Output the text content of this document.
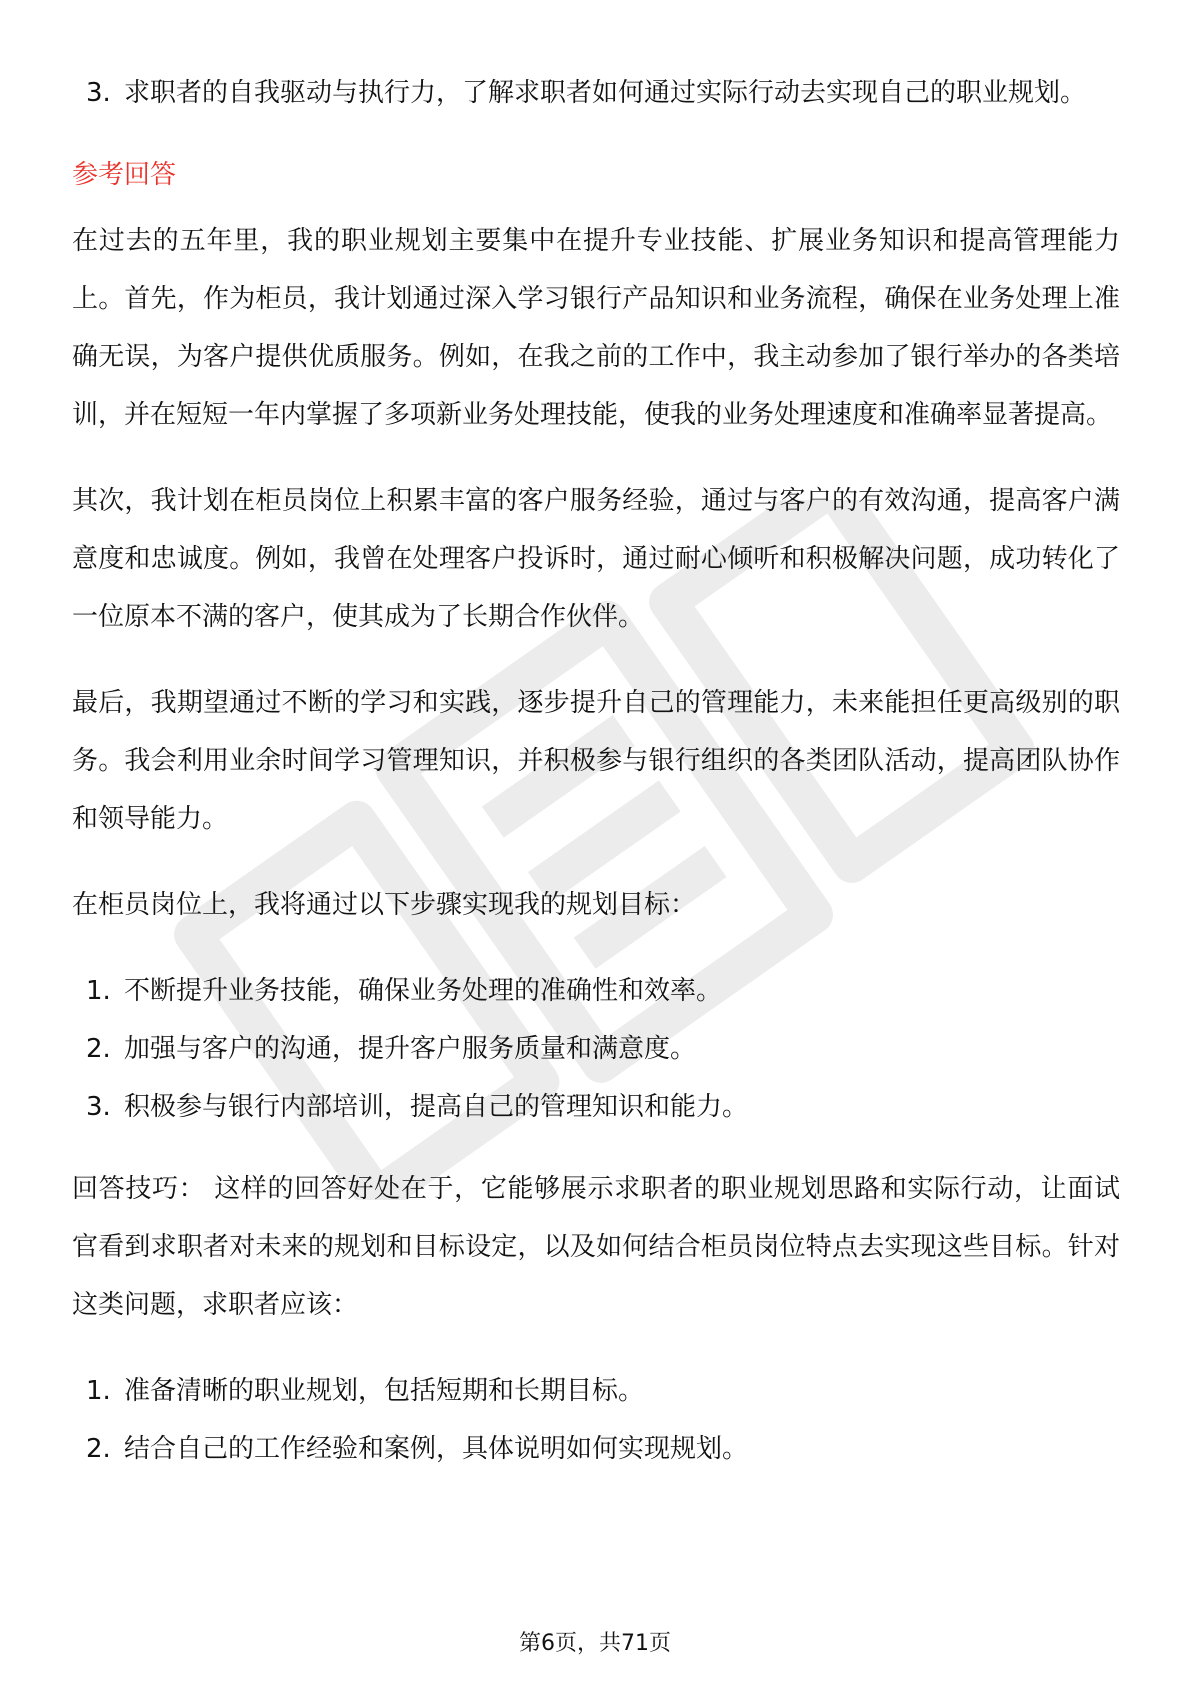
3. 求职者的自我驱动与执行力，了解求职者如何通过实际行动去实现自己的职业规划。
参考回答

在过去的五年里，我的职业规划主要集中在提升专业技能、扩展业务知识和提高管理能力上。首先，作为柜员，我计划通过深入学习银行产品知识和业务流程，确保在业务处理上准确无误，为客户提供优质服务。例如，在我之前的工作中，我主动参加了银行举办的各类培训，并在短短一年内掌握了多项新业务处理技能，使我的业务处理速度和准确率显著提高。

其次，我计划在柜员岗位上积累丰富的客户服务经验，通过与客户的有效沟通，提高客户满意度和忠诚度。例如，我曾在处理客户投诉时，通过耐心倾听和积极解决问题，成功转化了一位原本不满的客户，使其成为了长期合作伙伴。

最后，我期望通过不断的学习和实践，逐步提升自己的管理能力，未来能担任更高级别的职务。我会利用业余时间学习管理知识，并积极参与银行组织的各类团队活动，提高团队协作和领导能力。

在柜员岗位上，我将通过以下步骤实现我的规划目标：

1. 不断提升业务技能，确保业务处理的准确性和效率。
2. 加强与客户的沟通，提升客户服务质量和满意度。
3. 积极参与银行内部培训，提高自己的管理知识和能力。

回答技巧： 这样的回答好处在于，它能够展示求职者的职业规划思路和实际行动，让面试官看到求职者对未来的规划和目标设定，以及如何结合柜员岗位特点去实现这些目标。针对这类问题，求职者应该：

1. 准备清晰的职业规划，包括短期和长期目标。
2. 结合自己的工作经验和案例，具体说明如何实现规划。
第6页，共71页
